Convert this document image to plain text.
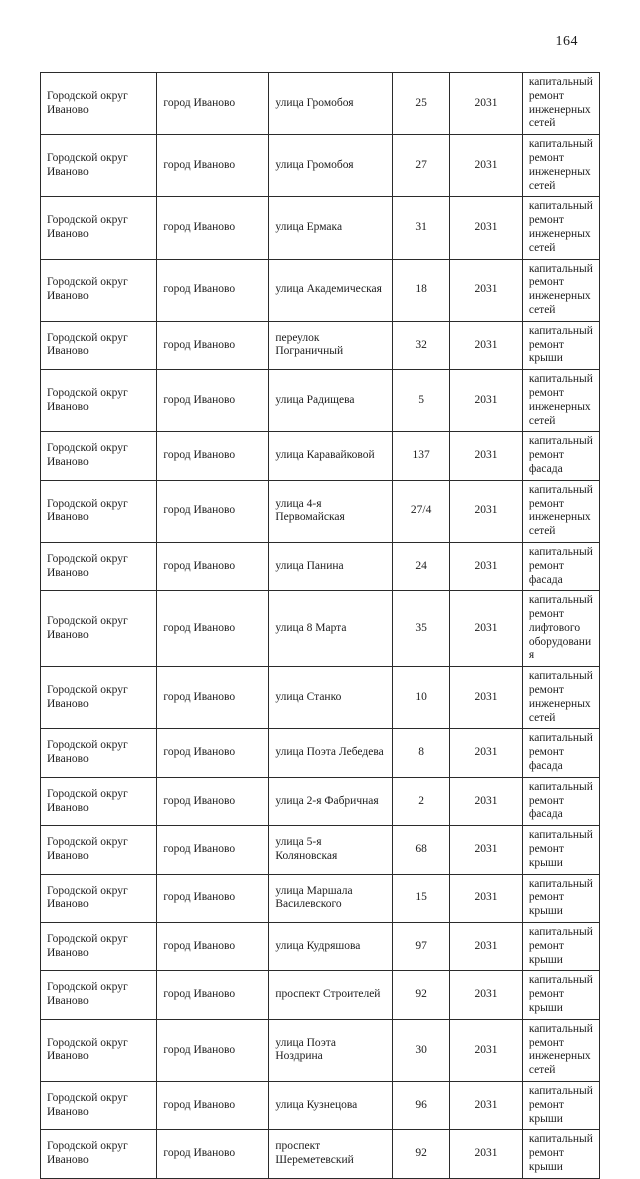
164
Городской округ Иваново	город Иваново	улица Громобоя	25	2031	капитальный ремонт инженерных сетей
Городской округ Иваново	город Иваново	улица Громобоя	27	2031	капитальный ремонт инженерных сетей
Городской округ Иваново	город Иваново	улица Ермака	31	2031	капитальный ремонт инженерных сетей
Городской округ Иваново	город Иваново	улица Академическая	18	2031	капитальный ремонт инженерных сетей
Городской округ Иваново	город Иваново	переулок Пограничный	32	2031	капитальный ремонт крыши
Городской округ Иваново	город Иваново	улица Радищева	5	2031	капитальный ремонт инженерных сетей
Городской округ Иваново	город Иваново	улица Каравайковой	137	2031	капитальный ремонт фасада
Городской округ Иваново	город Иваново	улица 4-я Первомайская	27/4	2031	капитальный ремонт инженерных сетей
Городской округ Иваново	город Иваново	улица Панина	24	2031	капитальный ремонт фасада
Городской округ Иваново	город Иваново	улица 8 Марта	35	2031	капитальный ремонт лифтового оборудования
Городской округ Иваново	город Иваново	улица Станко	10	2031	капитальный ремонт инженерных сетей
Городской округ Иваново	город Иваново	улица Поэта Лебедева	8	2031	капитальный ремонт фасада
Городской округ Иваново	город Иваново	улица 2-я Фабричная	2	2031	капитальный ремонт фасада
Городской округ Иваново	город Иваново	улица 5-я Коляновская	68	2031	капитальный ремонт крыши
Городской округ Иваново	город Иваново	улица Маршала Василевского	15	2031	капитальный ремонт крыши
Городской округ Иваново	город Иваново	улица Кудряшова	97	2031	капитальный ремонт крыши
Городской округ Иваново	город Иваново	проспект Строителей	92	2031	капитальный ремонт крыши
Городской округ Иваново	город Иваново	улица Поэта Ноздрина	30	2031	капитальный ремонт инженерных сетей
Городской округ Иваново	город Иваново	улица Кузнецова	96	2031	капитальный ремонт крыши
Городской округ Иваново	город Иваново	проспект Шереметевский	92	2031	капитальный ремонт крыши
